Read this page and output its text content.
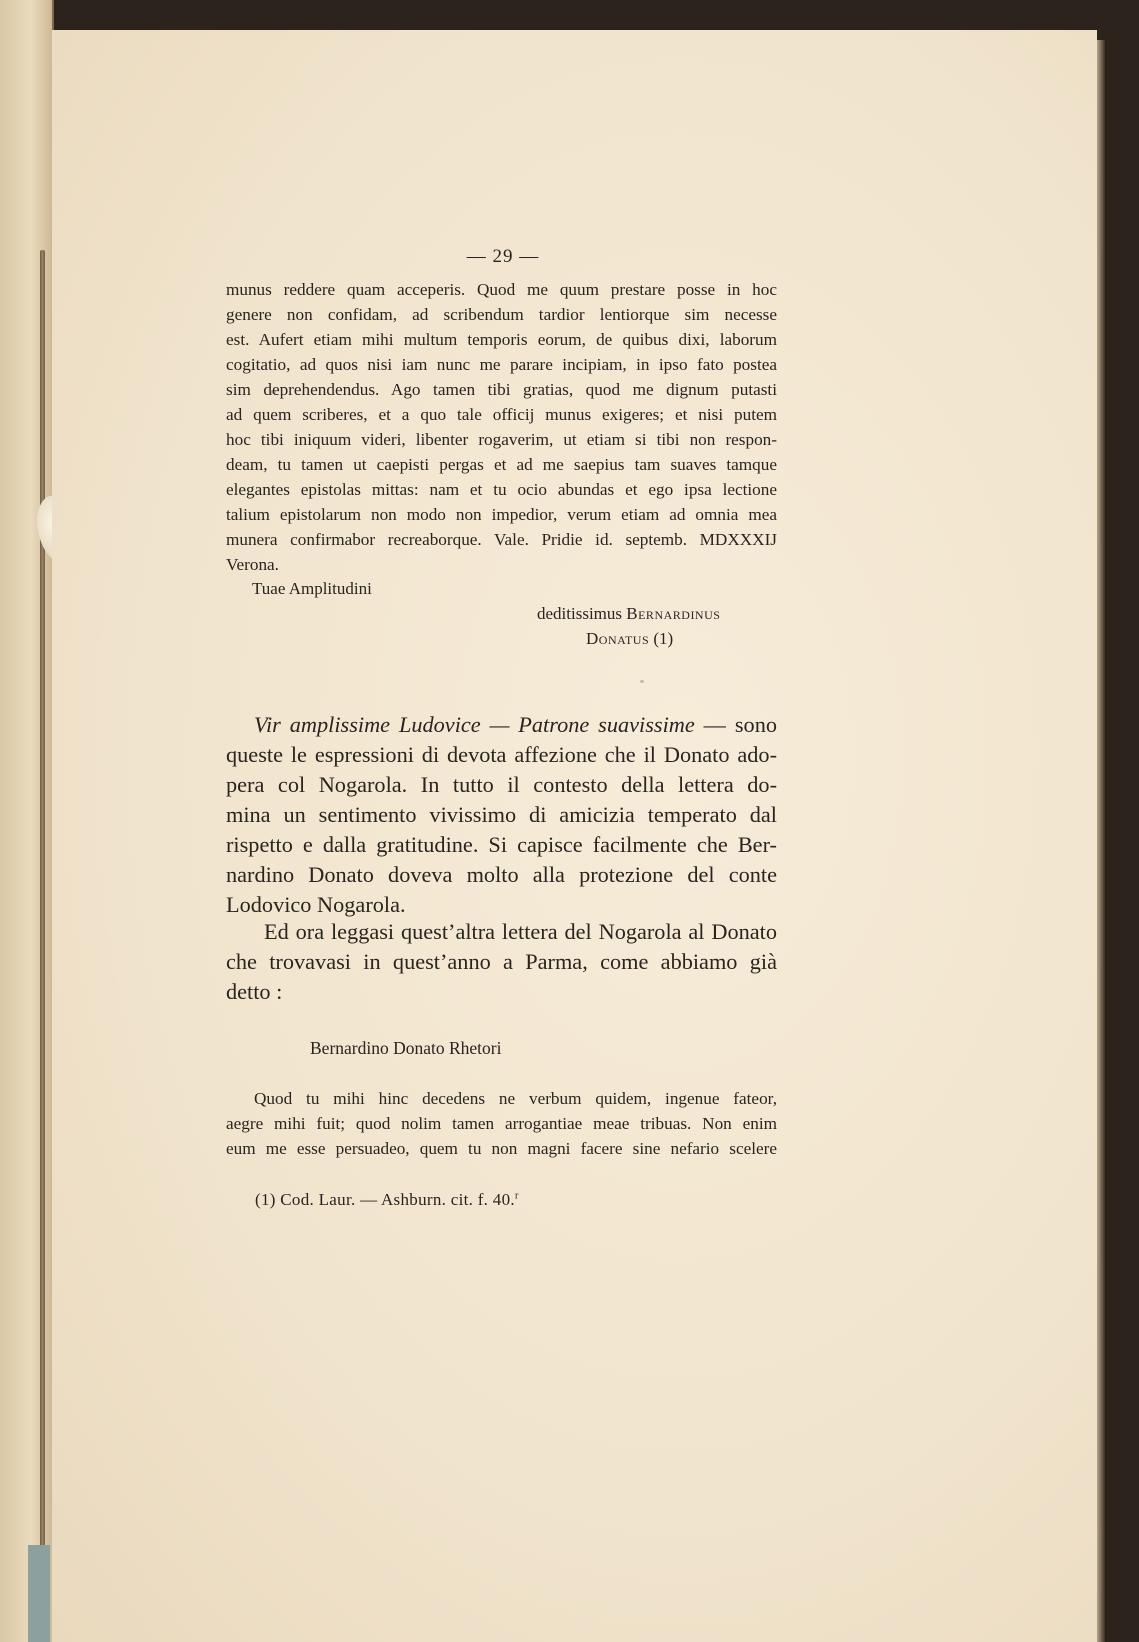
— 29 —
munus reddere quam acceperis. Quod me quum prestare posse in hoc
genere non confidam, ad scribendum tardior lentiorque sim necesse
est. Aufert etiam mihi multum temporis eorum, de quibus dixi, laborum
cogitatio, ad quos nisi iam nunc me parare incipiam, in ipso fato postea
sim deprehendendus. Ago tamen tibi gratias, quod me dignum putasti
ad quem scriberes, et a quo tale officij munus exigeres; et nisi putem
hoc tibi iniquum videri, libenter rogaverim, ut etiam si tibi non respon-
deam, tu tamen ut caepisti pergas et ad me saepius tam suaves tamque
elegantes epistolas mittas: nam et tu ocio abundas et ego ipsa lectione
talium epistolarum non modo non impedior, verum etiam ad omnia mea
munera confirmabor recreaborque. Vale. Pridie id. septemb. MDXXXIJ
Verona.
Tuae Amplitudini
deditissimus Bernardinus
Donatus (1)
Vir amplissime Ludovice — Patrone suavissime — sono
queste le espressioni di devota affezione che il Donato ado-
pera col Nogarola. In tutto il contesto della lettera do-
mina un sentimento vivissimo di amicizia temperato dal
rispetto e dalla gratitudine. Si capisce facilmente che Ber-
nardino Donato doveva molto alla protezione del conte
Lodovico Nogarola.
Ed ora leggasi quest’altra lettera del Nogarola al Donato
che trovavasi in quest’anno a Parma, come abbiamo già
detto :
Bernardino Donato Rhetori
Quod tu mihi hinc decedens ne verbum quidem, ingenue fateor,
aegre mihi fuit; quod nolim tamen arrogantiae meae tribuas. Non enim
eum me esse persuadeo, quem tu non magni facere sine nefario scelere
(1) Cod. Laur. — Ashburn. cit. f. 40.$^r$
